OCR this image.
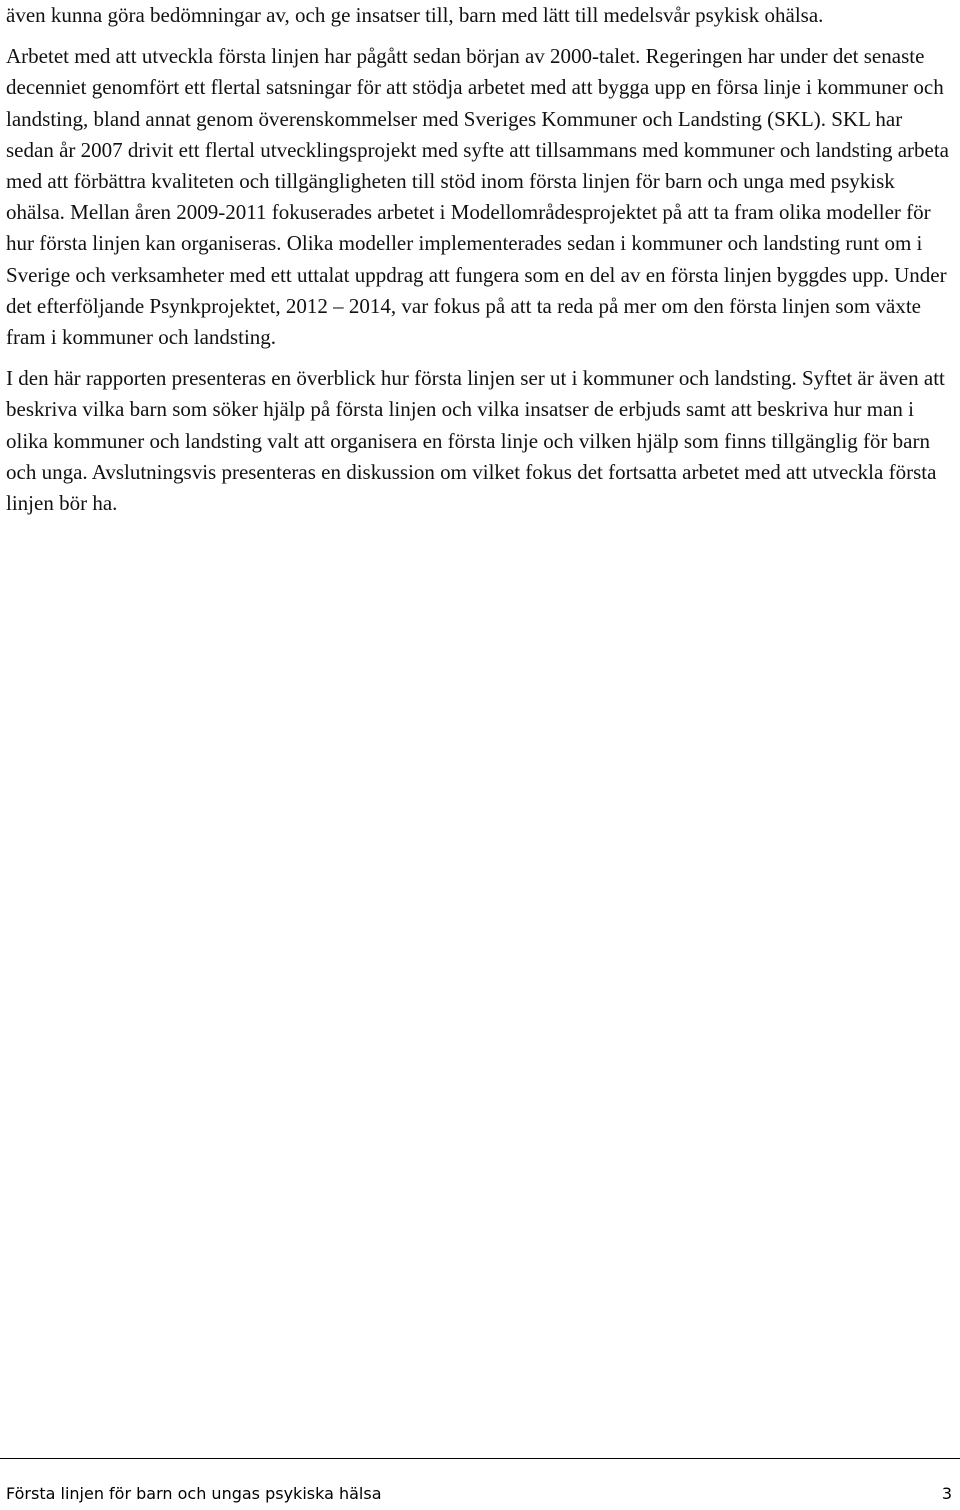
även kunna göra bedömningar av, och ge insatser till, barn med lätt till medelsvår psykisk ohälsa.

Arbetet med att utveckla första linjen har pågått sedan början av 2000-talet. Regeringen har under det senaste decenniet genomfört ett flertal satsningar för att stödja arbetet med att bygga upp en försa linje i kommuner och landsting, bland annat genom överenskommelser med Sveriges Kommuner och Landsting (SKL). SKL har sedan år 2007 drivit ett flertal utvecklingsprojekt med syfte att tillsammans med kommuner och landsting arbeta med att förbättra kvaliteten och tillgängligheten till stöd inom första linjen för barn och unga med psykisk ohälsa. Mellan åren 2009-2011 fokuserades arbetet i Modellområdesprojektet på att ta fram olika modeller för hur första linjen kan organiseras. Olika modeller implementerades sedan i kommuner och landsting runt om i Sverige och verksamheter med ett uttalat uppdrag att fungera som en del av en första linjen byggdes upp. Under det efterföljande Psynkprojektet, 2012 – 2014, var fokus på att ta reda på mer om den första linjen som växte fram i kommuner och landsting.

I den här rapporten presenteras en överblick hur första linjen ser ut i kommuner och landsting. Syftet är även att beskriva vilka barn som söker hjälp på första linjen och vilka insatser de erbjuds samt att beskriva hur man i olika kommuner och landsting valt att organisera en första linje och vilken hjälp som finns tillgänglig för barn och unga. Avslutningsvis presenteras en diskussion om vilket fokus det fortsatta arbetet med att utveckla första linjen bör ha.

Första linjen för barn och ungas psykiska hälsa	3
